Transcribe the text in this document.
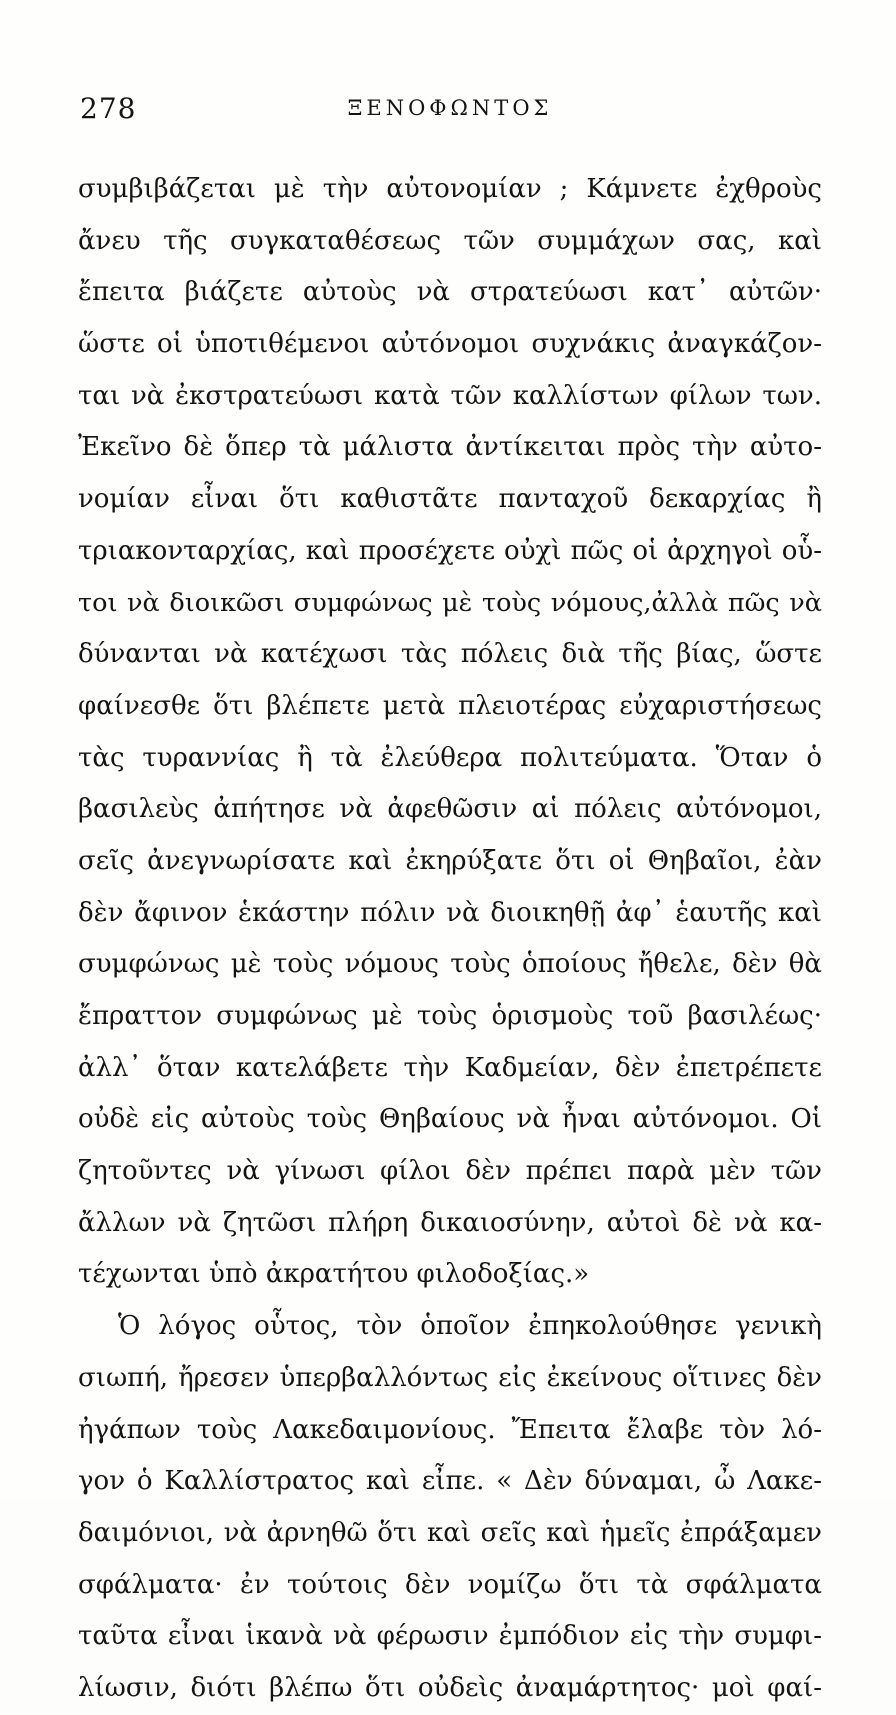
278	ΞΕΝΟΦΩΝΤΟΣ
συμβιβάζεται μὲ τὴν αὐτονομίαν ; Κάμνετε ἐχθροὺς
ἄνευ τῆς συγκαταθέσεως τῶν συμμάχων σας, καὶ
ἔπειτα βιάζετε αὐτοὺς νὰ στρατεύωσι κατ᾽ αὐτῶν·
ὥστε οἱ ὑποτιθέμενοι αὐτόνομοι συχνάκις ἀναγκάζον-
ται νὰ ἐκστρατεύωσι κατὰ τῶν καλλίστων φίλων των.
Ἐκεῖνο δὲ ὅπερ τὰ μάλιστα ἀντίκειται πρὸς τὴν αὐτο-
νομίαν εἶναι ὅτι καθιστᾶτε πανταχοῦ δεκαρχίας ἢ
τριακονταρχίας, καὶ προσέχετε οὐχὶ πῶς οἱ ἀρχηγοὶ οὗ-
τοι νὰ διοικῶσι συμφώνως μὲ τοὺς νόμους,ἀλλὰ πῶς νὰ
δύνανται νὰ κατέχωσι τὰς πόλεις διὰ τῆς βίας, ὥστε
φαίνεσθε ὅτι βλέπετε μετὰ πλειοτέρας εὐχαριστήσεως
τὰς τυραννίας ἢ τὰ ἐλεύθερα πολιτεύματα. Ὅταν ὁ
βασιλεὺς ἀπήτησε νὰ ἀφεθῶσιν αἱ πόλεις αὐτόνομοι,
σεῖς ἀνεγνωρίσατε καὶ ἐκηρύξατε ὅτι οἱ Θηβαῖοι, ἐὰν
δὲν ἄφινον ἑκάστην πόλιν νὰ διοικηθῇ ἀφ᾽ ἑαυτῆς καὶ
συμφώνως μὲ τοὺς νόμους τοὺς ὁποίους ἤθελε, δὲν θὰ
ἔπραττον συμφώνως μὲ τοὺς ὁρισμοὺς τοῦ βασιλέως·
ἀλλ᾽ ὅταν κατελάβετε τὴν Καδμείαν, δὲν ἐπετρέπετε
οὐδὲ εἰς αὐτοὺς τοὺς Θηβαίους νὰ ἦναι αὐτόνομοι. Οἱ
ζητοῦντες νὰ γίνωσι φίλοι δὲν πρέπει παρὰ μὲν τῶν
ἄλλων νὰ ζητῶσι πλήρη δικαιοσύνην, αὐτοὶ δὲ νὰ κα-
τέχωνται ὑπὸ ἀκρατήτου φιλοδοξίας.»
Ὁ λόγος οὗτος, τὸν ὁποῖον ἐπηκολούθησε γενικὴ
σιωπή, ἤρεσεν ὑπερβαλλόντως εἰς ἐκείνους οἵτινες δὲν
ἠγάπων τοὺς Λακεδαιμονίους. Ἔπειτα ἔλαβε τὸν λό-
γον ὁ Καλλίστρατος καὶ εἶπε. « Δὲν δύναμαι, ὦ Λακε-
δαιμόνιοι, νὰ ἀρνηθῶ ὅτι καὶ σεῖς καὶ ἡμεῖς ἐπράξαμεν
σφάλματα· ἐν τούτοις δὲν νομίζω ὅτι τὰ σφάλματα
ταῦτα εἶναι ἱκανὰ νὰ φέρωσιν ἐμπόδιον εἰς τὴν συμφι-
λίωσιν, διότι βλέπω ὅτι οὐδεὶς ἀναμάρτητος· μοὶ φαί-
